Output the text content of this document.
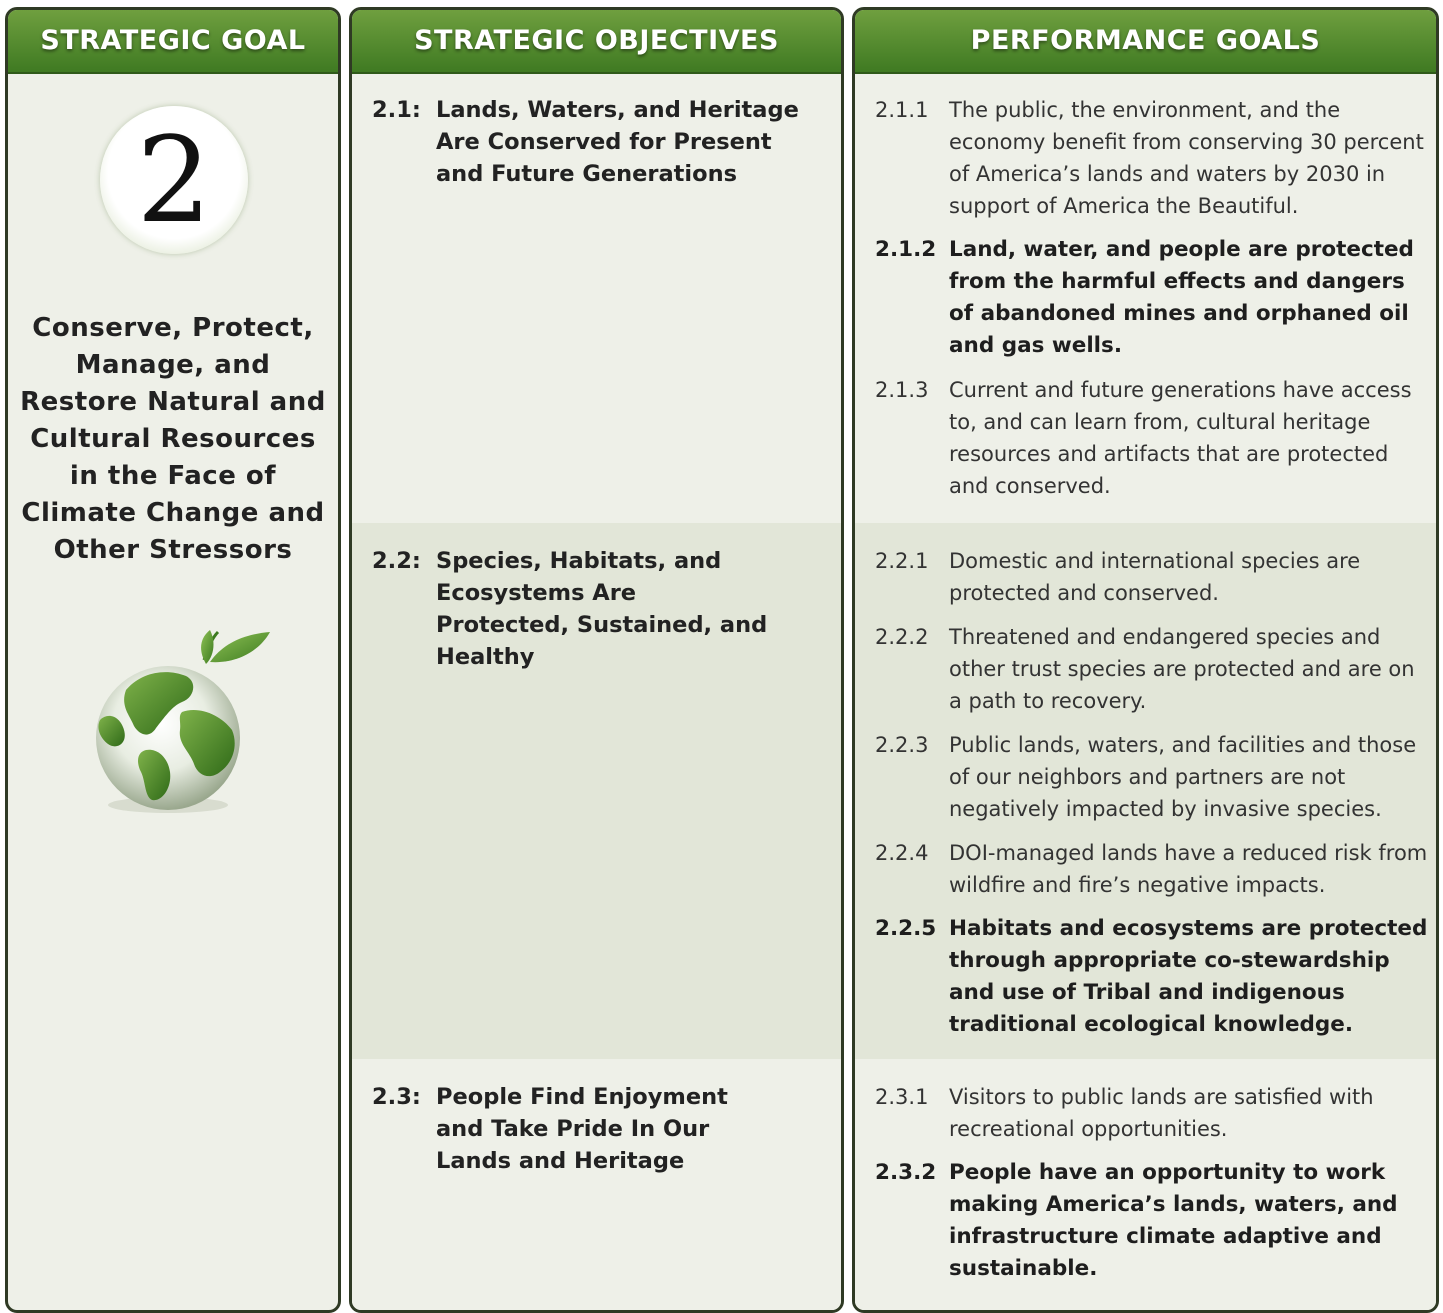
STRATEGIC GOAL
2
Conserve, Protect, Manage, and Restore Natural and Cultural Resources in the Face of Climate Change and Other Stressors
STRATEGIC OBJECTIVES
2.1: Lands, Waters, and Heritage Are Conserved for Present and Future Generations
2.2: Species, Habitats, and Ecosystems Are Protected, Sustained, and Healthy
2.3: People Find Enjoyment and Take Pride In Our Lands and Heritage
PERFORMANCE GOALS
2.1.1 The public, the environment, and the economy benefit from conserving 30 percent of America’s lands and waters by 2030 in support of America the Beautiful.
2.1.2 Land, water, and people are protected from the harmful effects and dangers of abandoned mines and orphaned oil and gas wells.
2.1.3 Current and future generations have access to, and can learn from, cultural heritage resources and artifacts that are protected and conserved.
2.2.1 Domestic and international species are protected and conserved.
2.2.2 Threatened and endangered species and other trust species are protected and are on a path to recovery.
2.2.3 Public lands, waters, and facilities and those of our neighbors and partners are not negatively impacted by invasive species.
2.2.4 DOI-managed lands have a reduced risk from wildfire and fire’s negative impacts.
2.2.5 Habitats and ecosystems are protected through appropriate co-stewardship and use of Tribal and indigenous traditional ecological knowledge.
2.3.1 Visitors to public lands are satisfied with recreational opportunities.
2.3.2 People have an opportunity to work making America’s lands, waters, and infrastructure climate adaptive and sustainable.
